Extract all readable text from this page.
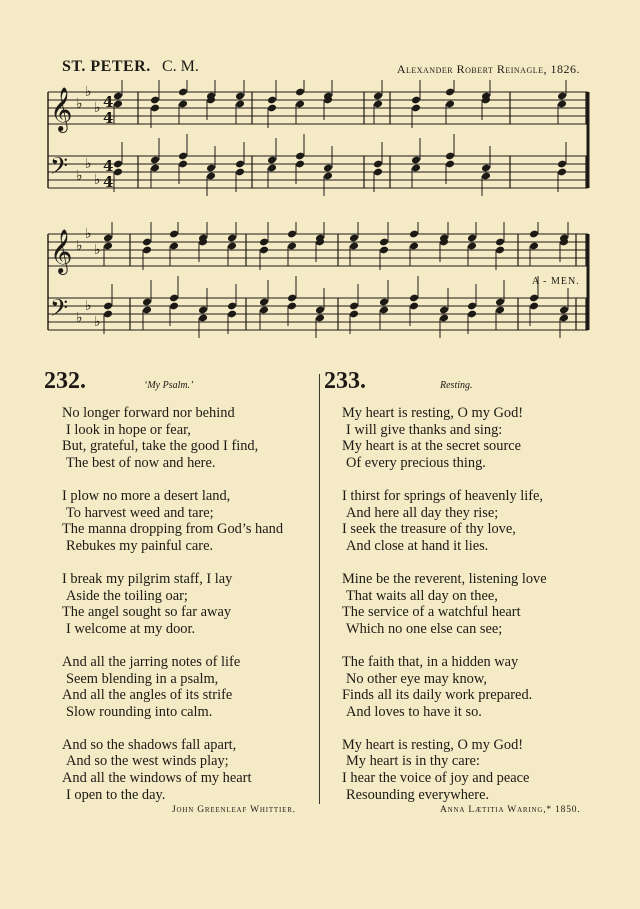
ST. PETER. C. M.	Alexander Robert Reinagle, 1826.
𝄞 ♭
♭
♭
𝄢 ♭
♭
♭
4
4
4
4
𝄞 ♭
♭
♭
𝄢 ♭
♭
♭
A - MEN.
232.	‘My Psalm.’
No longer forward nor behind
I look in hope or fear,
But, grateful, take the good I find,
The best of now and here.
I plow no more a desert land,
To harvest weed and tare;
The manna dropping from God’s hand
Rebukes my painful care.
I break my pilgrim staff, I lay
Aside the toiling oar;
The angel sought so far away
I welcome at my door.
And all the jarring notes of life
Seem blending in a psalm,
And all the angles of its strife
Slow rounding into calm.
And so the shadows fall apart,
And so the west winds play;
And all the windows of my heart
I open to the day.
John Greenleaf Whittier.
233.	Resting.
My heart is resting, O my God!
I will give thanks and sing:
My heart is at the secret source
Of every precious thing.
I thirst for springs of heavenly life,
And here all day they rise;
I seek the treasure of thy love,
And close at hand it lies.
Mine be the reverent, listening love
That waits all day on thee,
The service of a watchful heart
Which no one else can see;
The faith that, in a hidden way
No other eye may know,
Finds all its daily work prepared.
And loves to have it so.
My heart is resting, O my God!
My heart is in thy care:
I hear the voice of joy and peace
Resounding everywhere.
Anna Lætitia Waring,* 1850.
